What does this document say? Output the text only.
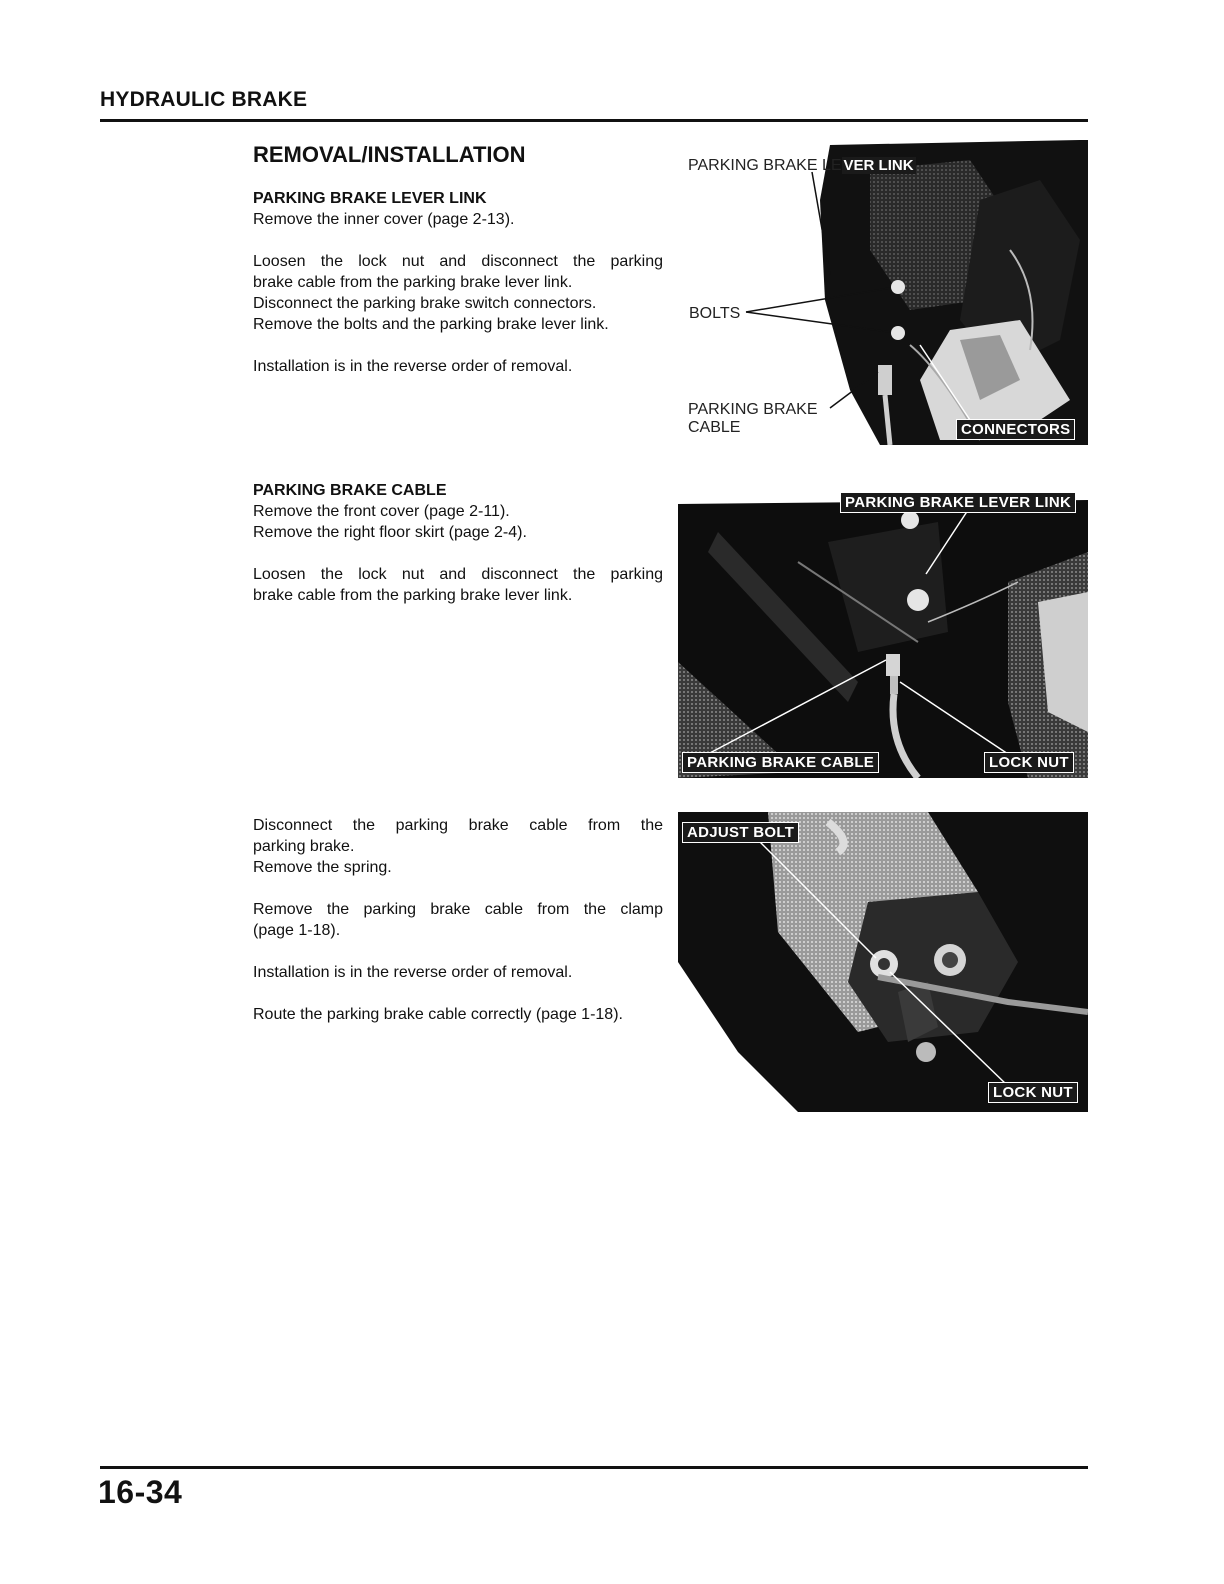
HYDRAULIC BRAKE
REMOVAL/INSTALLATION

PARKING BRAKE LEVER LINK

Remove the inner cover (page 2-13).

Loosen the lock nut and disconnect the parking
brake cable from the parking brake lever link.
Disconnect the parking brake switch connectors.
Remove the bolts and the parking brake lever link.

Installation is in the reverse order of removal.

PARKING BRAKE CABLE

Remove the front cover (page 2-11).
Remove the right floor skirt (page 2-4).

Loosen the lock nut and disconnect the parking
brake cable from the parking brake lever link.

Disconnect the parking brake cable from the
parking brake.
Remove the spring.

Remove the parking brake cable from the clamp
(page 1-18).

Installation is in the reverse order of removal.

Route the parking brake cable correctly (page 1-18).

PARKING BRAKE LE VER LINK
BOLTS
PARKING BRAKE
CABLE	CONNECTORS
PARKING BRAKE LEVER LINK
PARKING BRAKE CABLE	LOCK NUT
ADJUST BOLT
LOCK NUT
16-34
